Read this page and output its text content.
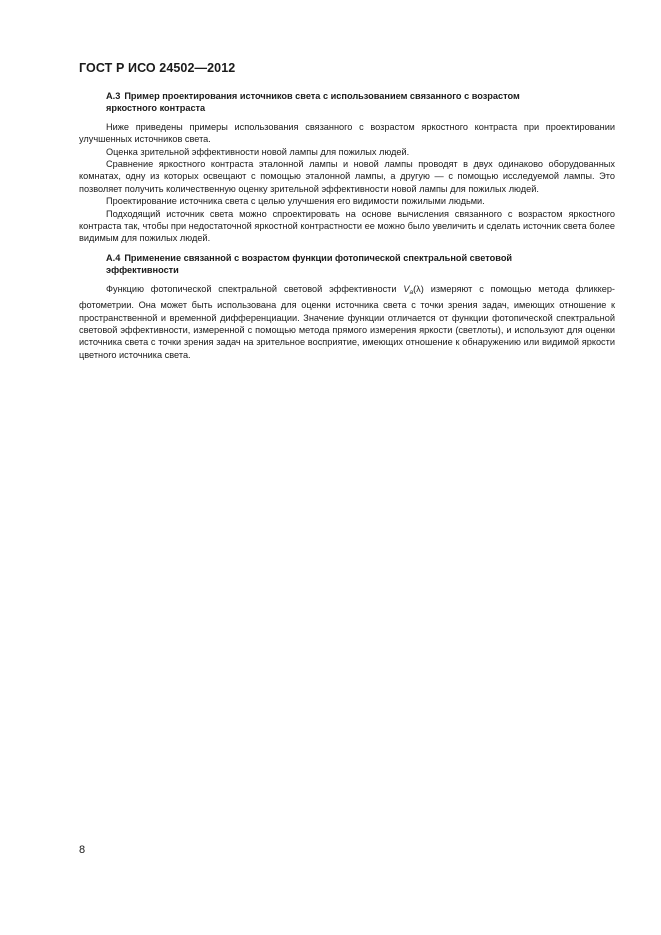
ГОСТ Р ИСО 24502—2012

А.3 Пример проектирования источников света с использованием связанного с возрастом
яркостного контраста

Ниже приведены примеры использования связанного с возрастом яркостного контраста при проектировании улучшенных источников света.

Оценка зрительной эффективности новой лампы для пожилых людей.

Сравнение яркостного контраста эталонной лампы и новой лампы проводят в двух одинаково оборудованных комнатах, одну из которых освещают с помощью эталонной лампы, а другую — с помощью исследуемой лампы. Это позволяет получить количественную оценку зрительной эффективности новой лампы для пожилых людей.

Проектирование источника света с целью улучшения его видимости пожилыми людьми.

Подходящий источник света можно спроектировать на основе вычисления связанного с возрастом яркостного контраста так, чтобы при недостаточной яркостной контрастности ее можно было увеличить и сделать источник света более видимым для пожилых людей.

А.4 Применение связанной с возрастом функции фотопической спектральной световой
эффективности

Функцию фотопической спектральной световой эффективности $V_a(\lambda)$ измеряют с помощью метода фликкер-фотометрии. Она может быть использована для оценки источника света с точки зрения задач, имеющих отношение к пространственной и временной дифференциации. Значение функции отличается от функции фотопической спектральной световой эффективности, измеренной с помощью метода прямого измерения яркости (светлоты), и используют для оценки источника света с точки зрения задач на зрительное восприятие, имеющих отношение к обнаружению или видимой яркости цветного источника света.

8
